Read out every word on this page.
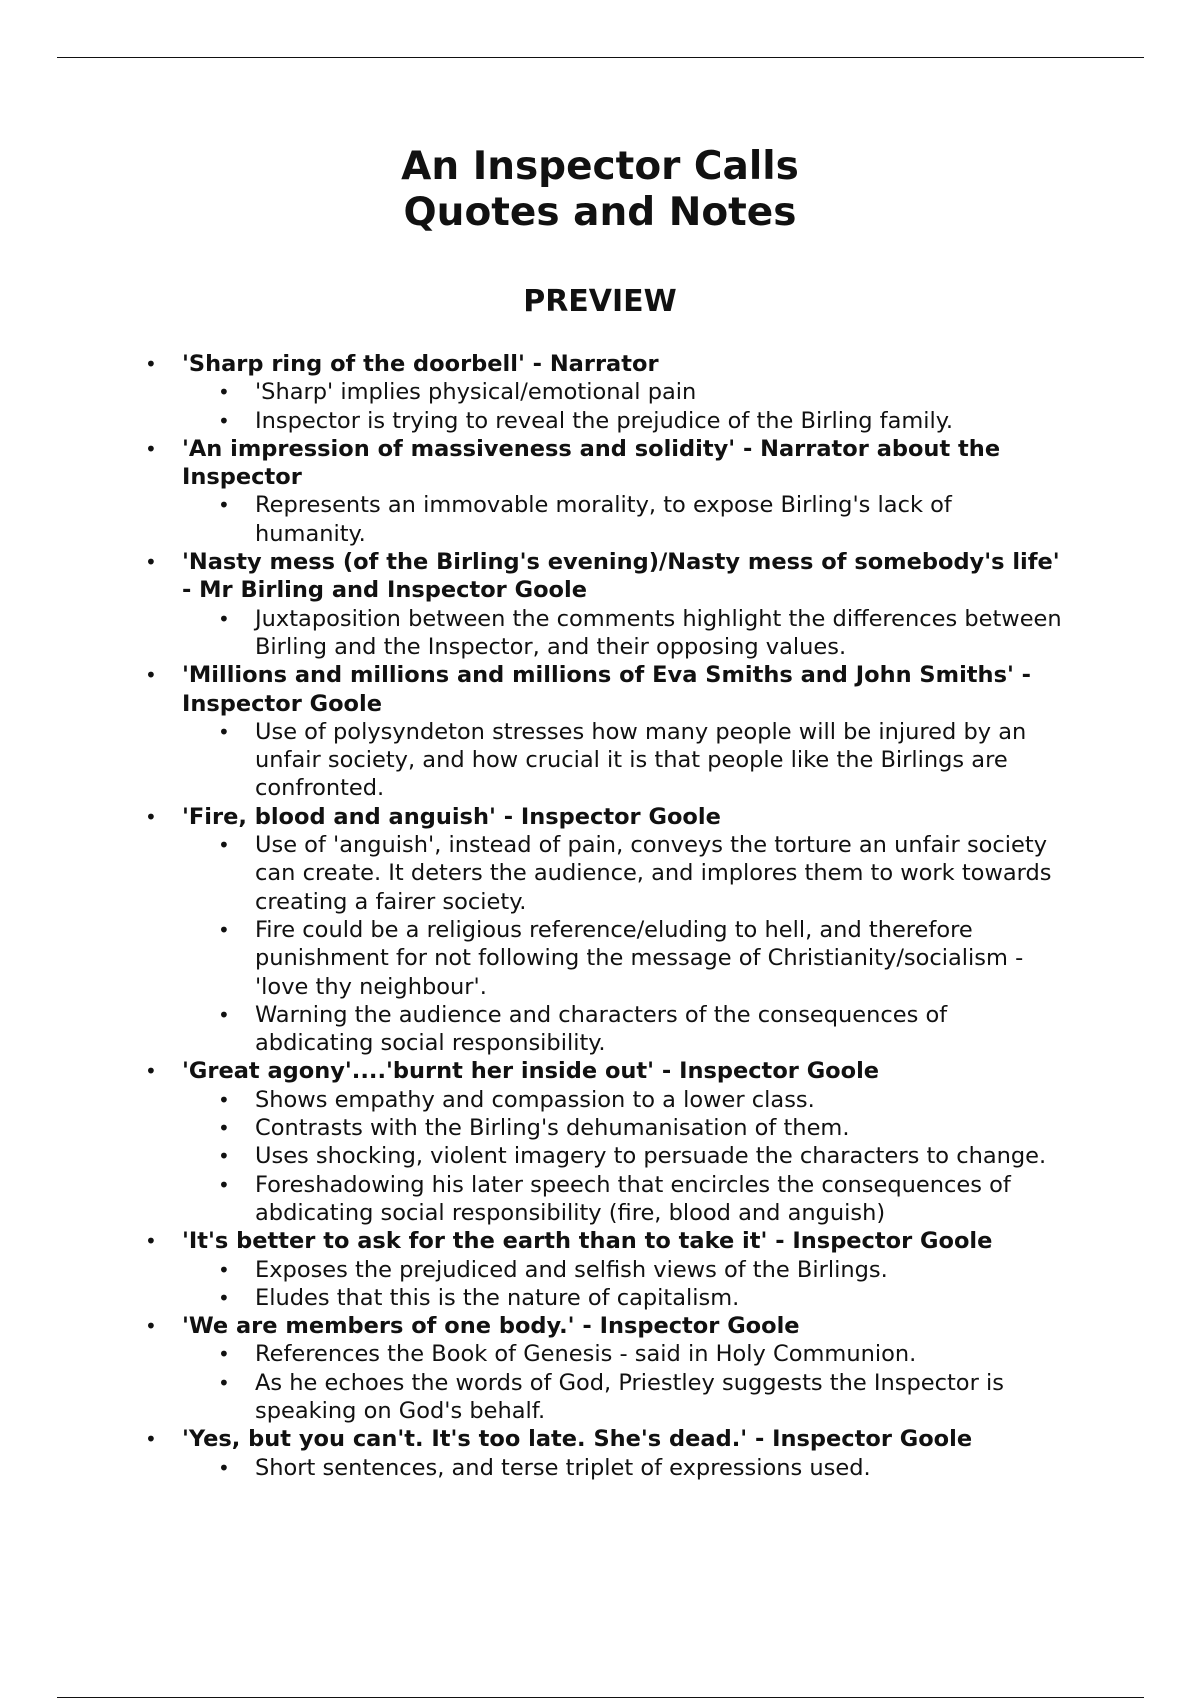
An Inspector Calls
Quotes and Notes
PREVIEW
• 'Sharp ring of the doorbell' - Narrator
• 'Sharp' implies physical/emotional pain
• Inspector is trying to reveal the prejudice of the Birling family.
• 'An impression of massiveness and solidity' - Narrator about the Inspector
• Represents an immovable morality, to expose Birling's lack of humanity.
• 'Nasty mess (of the Birling's evening)/Nasty mess of somebody's life' - Mr Birling and Inspector Goole
• Juxtaposition between the comments highlight the differences between Birling and the Inspector, and their opposing values.
• 'Millions and millions and millions of Eva Smiths and John Smiths' - Inspector Goole
• Use of polysyndeton stresses how many people will be injured by an unfair society, and how crucial it is that people like the Birlings are confronted.
• 'Fire, blood and anguish' - Inspector Goole
• Use of 'anguish', instead of pain, conveys the torture an unfair society can create. It deters the audience, and implores them to work towards creating a fairer society.
• Fire could be a religious reference/eluding to hell, and therefore punishment for not following the message of Christianity/socialism - 'love thy neighbour'.
• Warning the audience and characters of the consequences of abdicating social responsibility.
• 'Great agony'....'burnt her inside out' - Inspector Goole
• Shows empathy and compassion to a lower class.
• Contrasts with the Birling's dehumanisation of them.
• Uses shocking, violent imagery to persuade the characters to change.
• Foreshadowing his later speech that encircles the consequences of abdicating social responsibility (fire, blood and anguish)
• 'It's better to ask for the earth than to take it' - Inspector Goole
• Exposes the prejudiced and selfish views of the Birlings.
• Eludes that this is the nature of capitalism.
• 'We are members of one body.' - Inspector Goole
• References the Book of Genesis - said in Holy Communion.
• As he echoes the words of God, Priestley suggests the Inspector is speaking on God's behalf.
• 'Yes, but you can't. It's too late. She's dead.' - Inspector Goole
• Short sentences, and terse triplet of expressions used.
